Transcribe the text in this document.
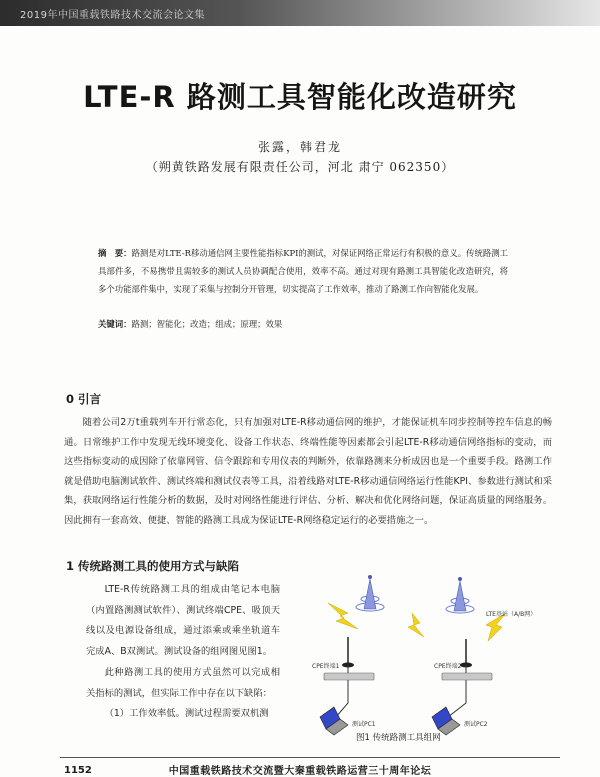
2019年中国重载铁路技术交流会论文集
LTE-R 路测工具智能化改造研究
张露，韩君龙
（朔黄铁路发展有限责任公司，河北 肃宁 062350）
摘　要：路测是对LTE-R移动通信网主要性能指标KPI的测试，对保证网络正常运行有积极的意义。传统路测工具部件多，不易携带且需较多的测试人员协调配合使用，效率不高。通过对现有路测工具智能化改造研究，将多个功能部件集中，实现了采集与控制分开管理，切实提高了工作效率，推动了路测工作向智能化发展。
关键词：路测；智能化；改造；组成；原理；效果
0 引言
随着公司2万t重载列车开行常态化，只有加强对LTE-R移动通信网的维护，才能保证机车同步控制等控车信息的畅通。日常维护工作中发现无线环境变化、设备工作状态、终端性能等因素都会引起LTE-R移动通信网络指标的变动，而这些指标变动的成因除了依靠网管、信令跟踪和专用仪表的判断外，依靠路测来分析成因也是一个重要手段。路测工作就是借助电脑测试软件、测试终端和测试仪表等工具，沿着线路对LTE-R移动通信网络运行性能KPI、参数进行测试和采集，获取网络运行性能分析的数据，及时对网络性能进行评估、分析、解决和优化网络问题，保证高质量的网络服务。因此拥有一套高效、便捷、智能的路测工具成为保证LTE-R网络稳定运行的必要措施之一。
1 传统路测工具的使用方式与缺陷

LTE-R传统路测工具的组成由笔记本电脑（内置路测测试软件）、测试终端CPE、吸顶天线以及电源设备组成，通过添乘或乘坐轨道车完成A、B双测试。测试设备的组网图见图1。

此种路测工具的使用方式虽然可以完成相关指标的测试，但实际工作中存在以下缺陷：

（1）工作效率低。测试过程需要双机测

LTE基站（A/B网）
CPE终端1	CPE终端2
测试PC1	测试PC2
图1 传统路测工具组网
1152	中国重载铁路技术交流暨大秦重载铁路运营三十周年论坛
